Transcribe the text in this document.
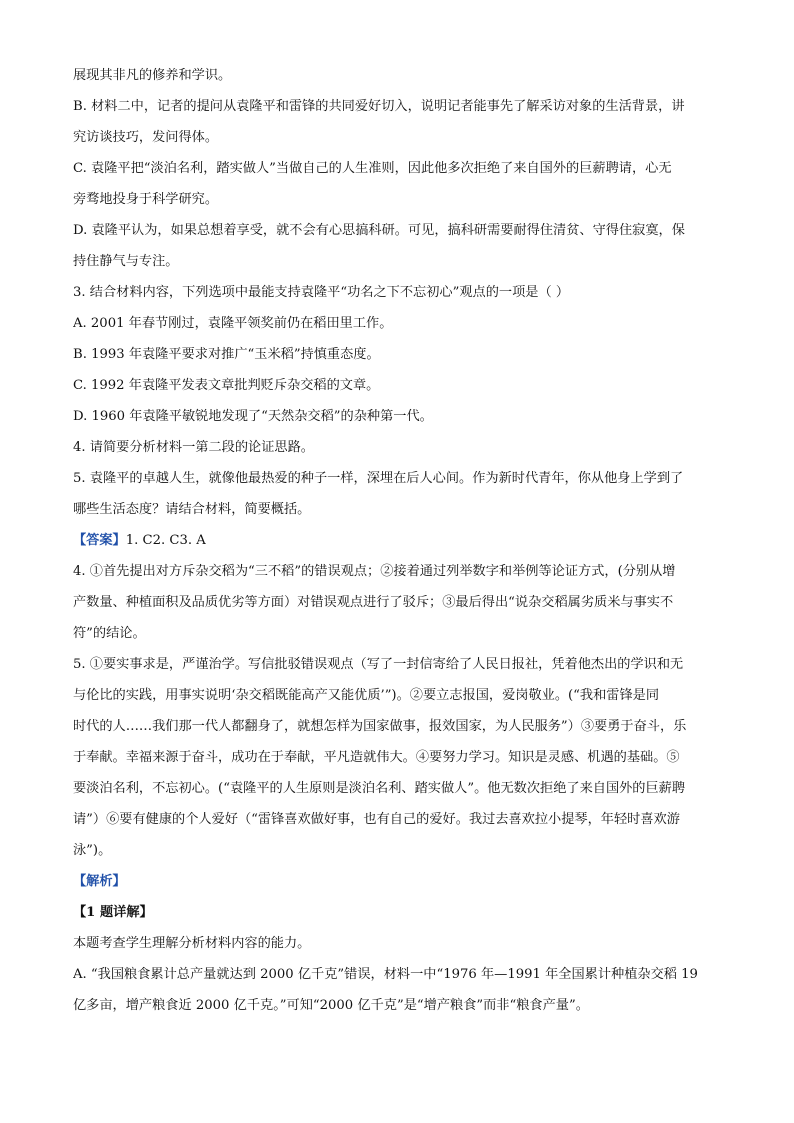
展现其非凡的修养和学识。
B. 材料二中，记者的提问从袁隆平和雷锋的共同爱好切入，说明记者能事先了解采访对象的生活背景，讲
究访谈技巧，发问得体。
C. 袁隆平把“淡泊名利，踏实做人”当做自己的人生准则，因此他多次拒绝了来自国外的巨薪聘请，心无
旁骛地投身于科学研究。
D. 袁隆平认为，如果总想着享受，就不会有心思搞科研。可见，搞科研需要耐得住清贫、守得住寂寞，保
持住静气与专注。
3. 结合材料内容，下列选项中最能支持袁隆平“功名之下不忘初心”观点的一项是（ ）
A. 2001 年春节刚过，袁隆平领奖前仍在稻田里工作。
B. 1993 年袁隆平要求对推广“玉米稻”持慎重态度。
C. 1992 年袁隆平发表文章批判贬斥杂交稻的文章。
D. 1960 年袁隆平敏锐地发现了“天然杂交稻”的杂种第一代。
4. 请简要分析材料一第二段的论证思路。
5. 袁隆平的卓越人生，就像他最热爱的种子一样，深埋在后人心间。作为新时代青年，你从他身上学到了
哪些生活态度？请结合材料，简要概括。
【答案】1. C2. C3. A
4. ①首先提出对方斥杂交稻为“三不稻”的错误观点；②接着通过列举数字和举例等论证方式，(分别从增
产数量、种植面积及品质优劣等方面）对错误观点进行了驳斥；③最后得出“说杂交稻属劣质米与事实不
符”的结论。
5. ①要实事求是，严谨治学。写信批驳错误观点（写了一封信寄给了人民日报社，凭着他杰出的学识和无
与伦比的实践，用事实说明‘杂交稻既能高产又能优质’”)。②要立志报国，爱岗敬业。(“我和雷锋是同
时代的人……我们那一代人都翻身了，就想怎样为国家做事，报效国家，为人民服务”）③要勇于奋斗，乐
于奉献。幸福来源于奋斗，成功在于奉献，平凡造就伟大。④要努力学习。知识是灵感、机遇的基础。⑤
要淡泊名利，不忘初心。(“袁隆平的人生原则是淡泊名利、踏实做人”。他无数次拒绝了来自国外的巨薪聘
请”）⑥要有健康的个人爱好（“雷锋喜欢做好事，也有自己的爱好。我过去喜欢拉小提琴，年轻时喜欢游
泳”)。
【解析】
【1 题详解】
本题考查学生理解分析材料内容的能力。
A. “我国粮食累计总产量就达到 2000 亿千克”错误，材料一中“1976 年—1991 年全国累计种植杂交稻 19
亿多亩，增产粮食近 2000 亿千克。”可知“2000 亿千克”是“增产粮食”而非“粮食产量”。
